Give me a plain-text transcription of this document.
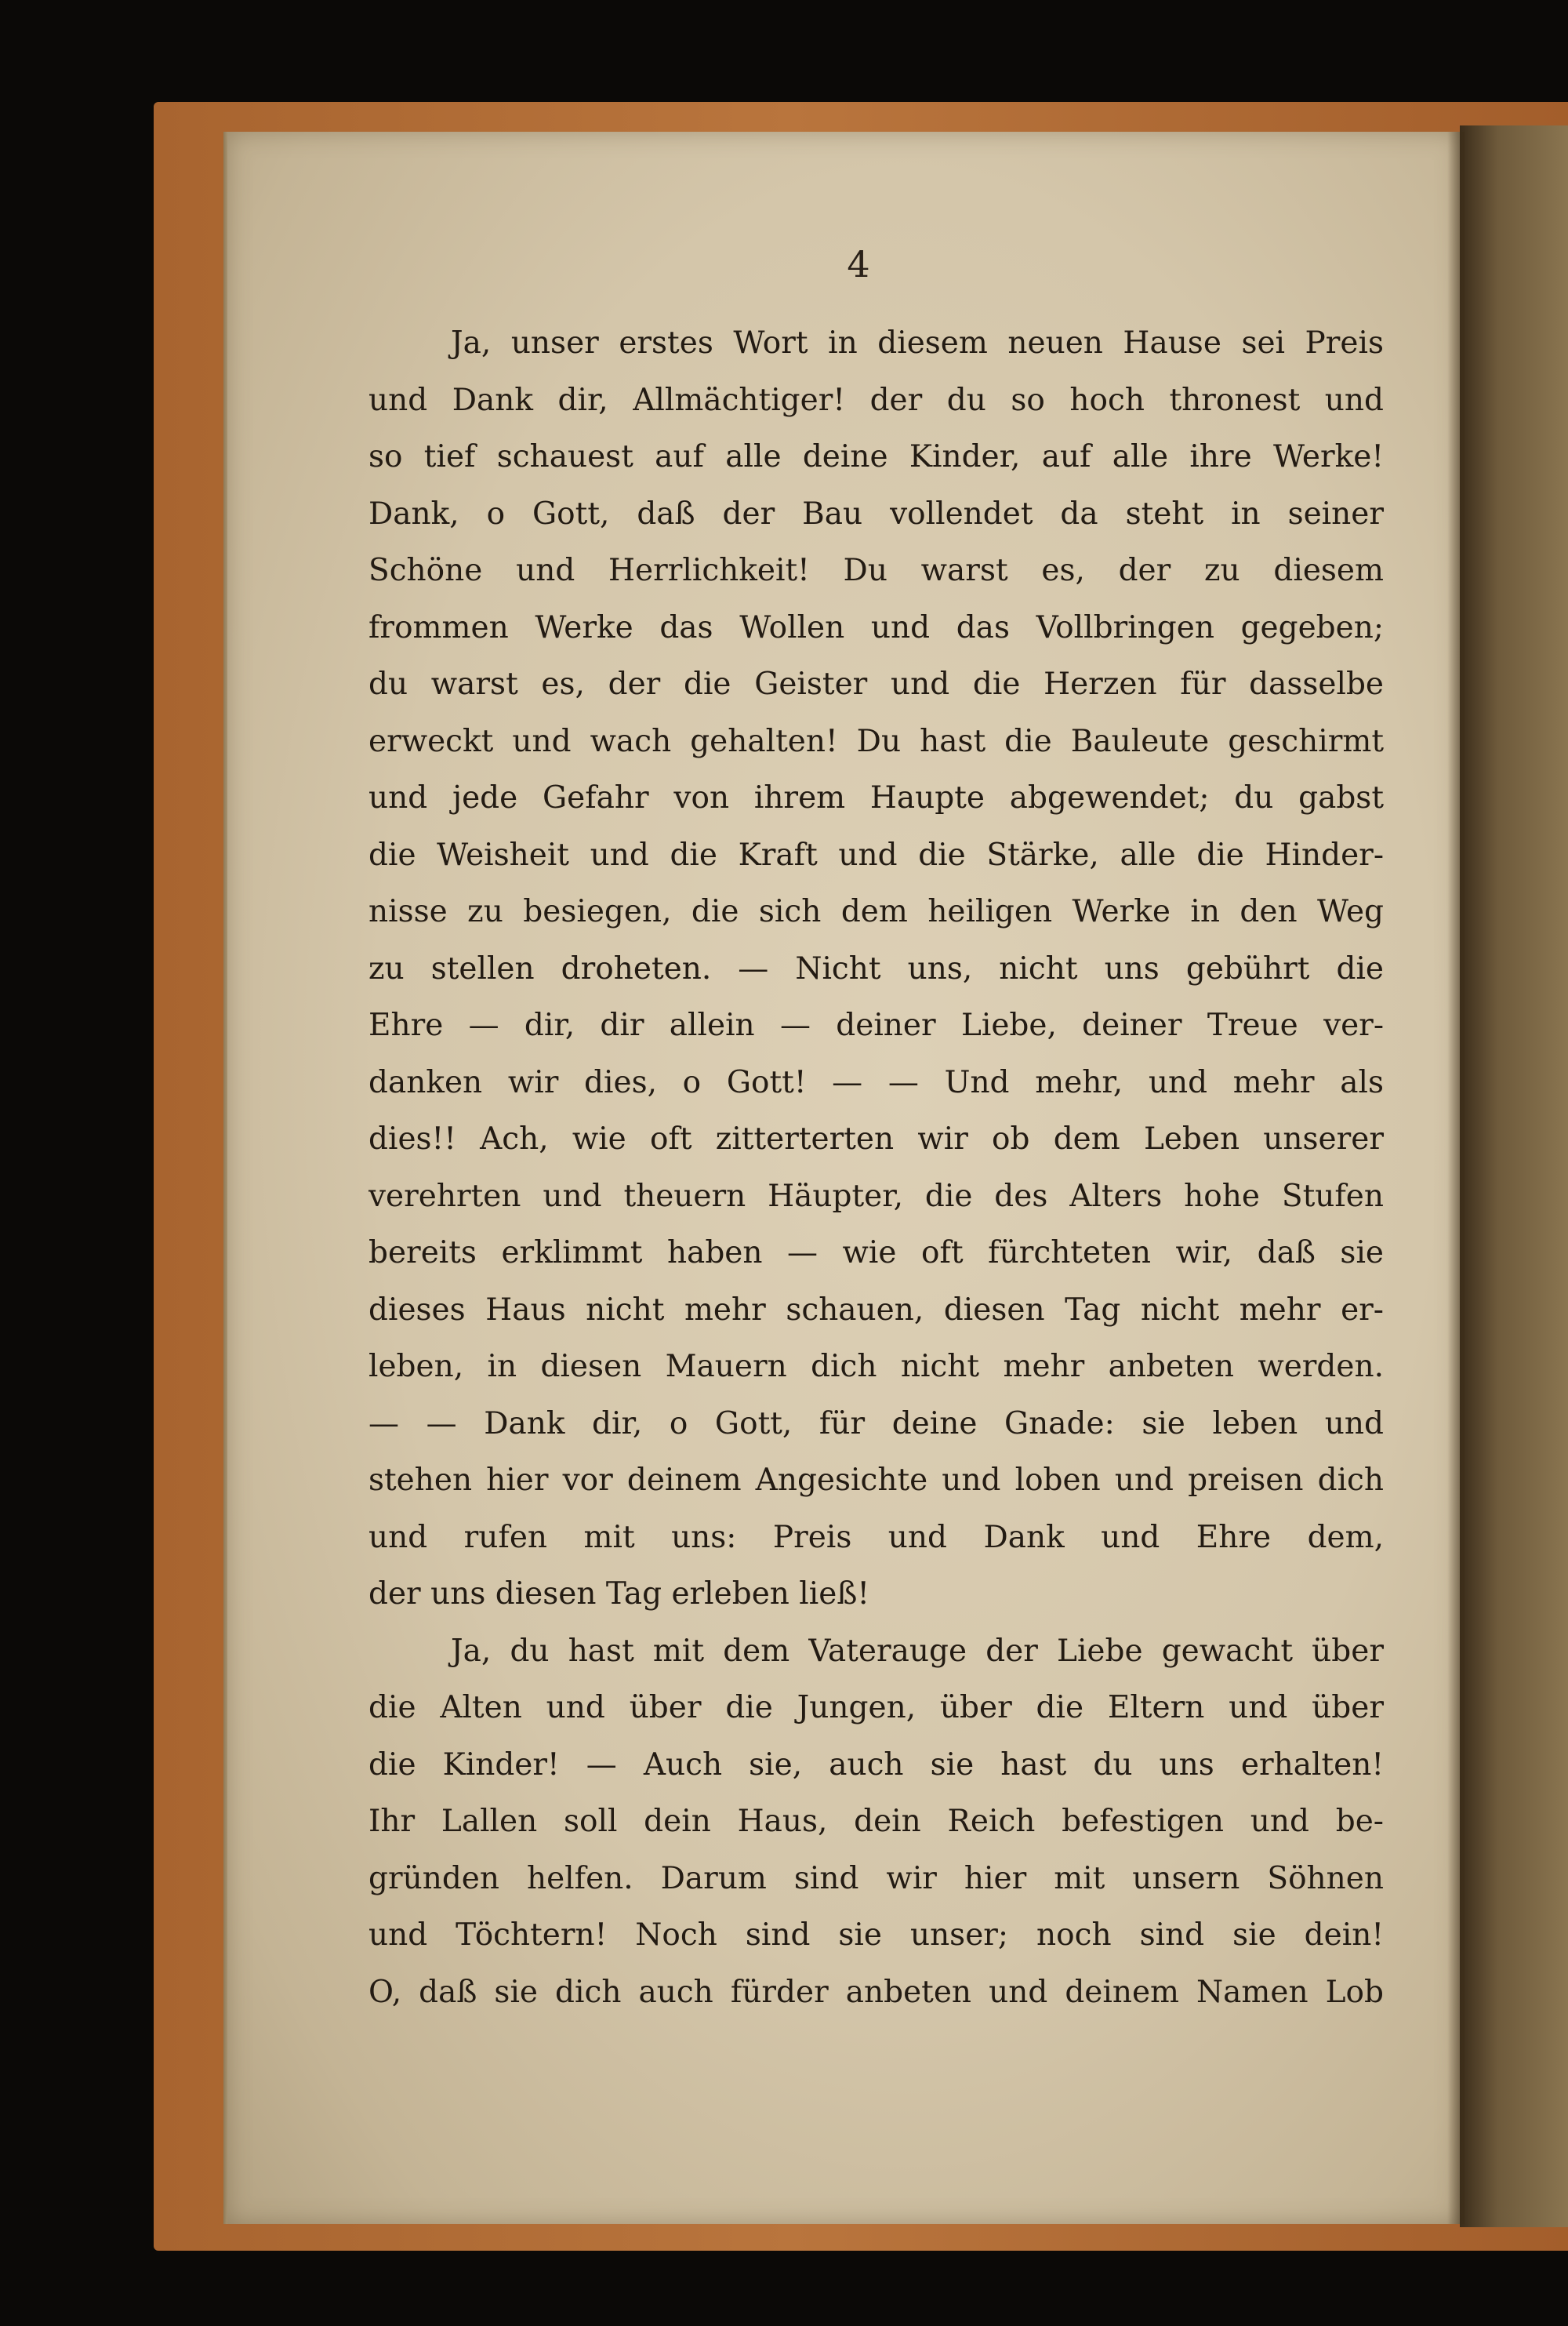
4
Ja, unser erstes Wort in diesem neuen Hause sei Preis
und Dank dir, Allmächtiger! der du so hoch thronest und
so tief schauest auf alle deine Kinder, auf alle ihre Werke!
Dank, o Gott, daß der Bau vollendet da steht in seiner
Schöne und Herrlichkeit! Du warst es, der zu diesem
frommen Werke das Wollen und das Vollbringen gegeben;
du warst es, der die Geister und die Herzen für dasselbe
erweckt und wach gehalten! Du hast die Bauleute geschirmt
und jede Gefahr von ihrem Haupte abgewendet; du gabst
die Weisheit und die Kraft und die Stärke, alle die Hinder-
nisse zu besiegen, die sich dem heiligen Werke in den Weg
zu stellen droheten. — Nicht uns, nicht uns gebührt die
Ehre — dir, dir allein — deiner Liebe, deiner Treue ver-
danken wir dies, o Gott! — — Und mehr, und mehr als
dies!! Ach, wie oft zitterterten wir ob dem Leben unserer
verehrten und theuern Häupter, die des Alters hohe Stufen
bereits erklimmt haben — wie oft fürchteten wir, daß sie
dieses Haus nicht mehr schauen, diesen Tag nicht mehr er-
leben, in diesen Mauern dich nicht mehr anbeten werden.
— — Dank dir, o Gott, für deine Gnade: sie leben und
stehen hier vor deinem Angesichte und loben und preisen dich
und rufen mit uns: Preis und Dank und Ehre dem,
der uns diesen Tag erleben ließ!
Ja, du hast mit dem Vaterauge der Liebe gewacht über
die Alten und über die Jungen, über die Eltern und über
die Kinder! — Auch sie, auch sie hast du uns erhalten!
Ihr Lallen soll dein Haus, dein Reich befestigen und be-
gründen helfen. Darum sind wir hier mit unsern Söhnen
und Töchtern! Noch sind sie unser; noch sind sie dein!
O, daß sie dich auch fürder anbeten und deinem Namen Lob
